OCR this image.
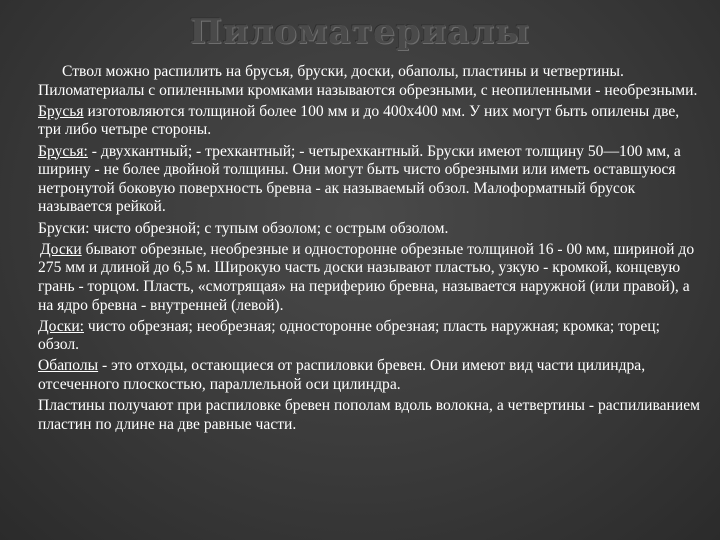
Пиломатериалы

Ствол можно распилить на брусья, бруски, доски, обаполы, пластины и четвертины. Пиломатериалы с опиленными кромками называются обрезными, с неопиленными - необрезными.

Брусья изготовляются толщиной более 100 мм и до 400х400 мм. У них могут быть опилены две, три либо четыре стороны.

Брусья: - двухкантный; - трехкантный; - четырехкантный. Бруски имеют толщину 50—100 мм, а ширину - не более двойной толщины. Они могут быть чисто обрезными или иметь оставшуюся нетронутой боковую поверхность бревна - ак называемый обзол. Малоформатный брусок называется рейкой.

Бруски: чисто обрезной; с тупым обзолом; с острым обзолом.

Доски бывают обрезные, необрезные и односторонне обрезные толщиной 16 - 00 мм, шириной до 275 мм и длиной до 6,5 м. Широкую часть доски называют пластью, узкую - кромкой, концевую грань - торцом. Пласть, «смотрящая» на периферию бревна, называется наружной (или правой), а на ядро бревна - внутренней (левой).

Доски: чисто обрезная; необрезная; односторонне обрезная; пласть наружная; кромка; торец; обзол.

Обаполы - это отходы, остающиеся от распиловки бревен. Они имеют вид части цилиндра, отсеченного плоскостью, параллельной оси цилиндра.

Пластины получают при распиловке бревен пополам вдоль волокна, а четвертины - распиливанием пластин по длине на две равные части.
